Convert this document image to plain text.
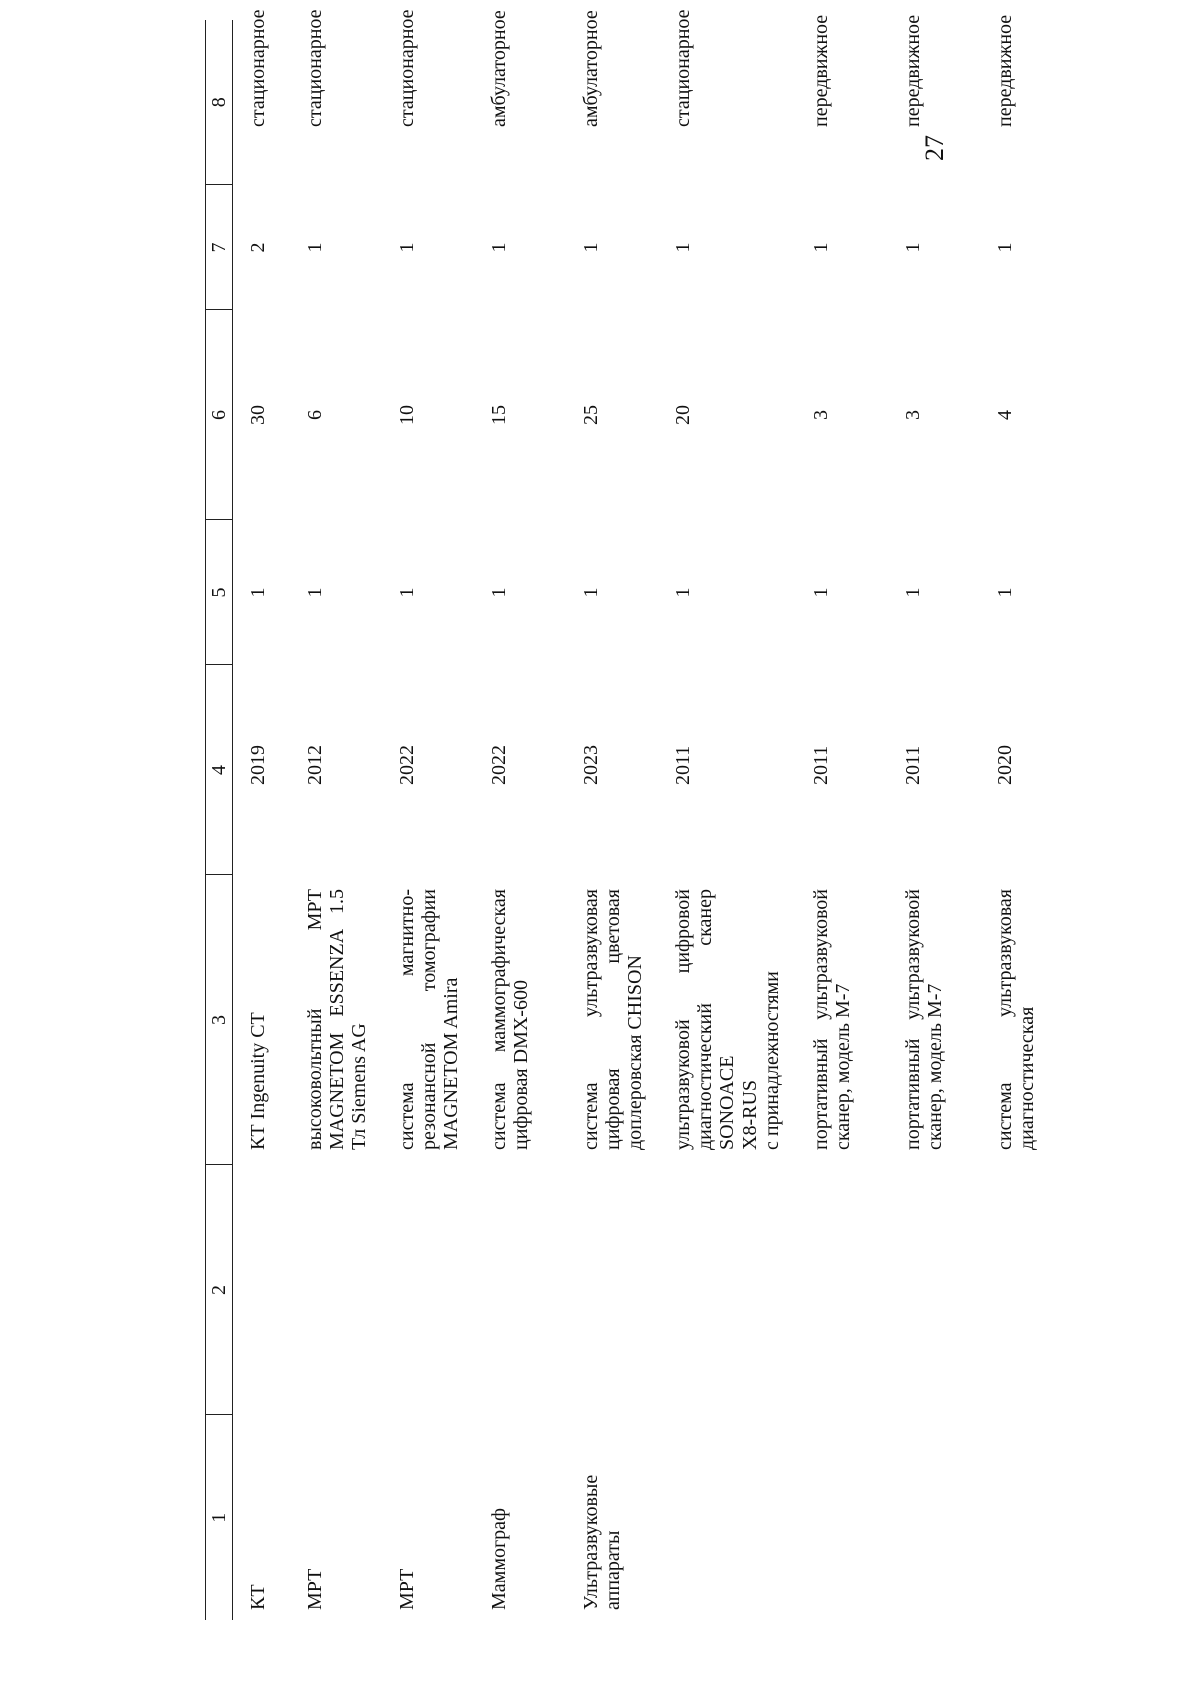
27
1	2	3	4	5	6	7	8
КТ		КТ Ingenuity CT	2019	1	30	2	стационарное
МРТ		высоковольтный МРТ MAGNETOM ESSENZA 1.5 Тл Siemens AG	2012	1	6	1	стационарное
МРТ		система магнитно-резонансной томографии MAGNETOM Amira	2022	1	10	1	стационарное
Маммограф		система маммографическая цифровая DMX-600	2022	1	15	1	амбулаторное
Ультразвуковые аппараты		система ультразвуковая цифровая цветовая доплеровская CHISON	2023	1	25	1	амбулаторное
		ультразвуковой цифровой диагностический сканер SONOACE
X8-RUS
с принадлежностями	2011	1	20	1	стационарное
		портативный ультразвуковой сканер, модель М-7	2011	1	3	1	передвижное
		портативный ультразвуковой сканер, модель М-7	2011	1	3	1	передвижное
		система ультразвуковая диагностическая	2020	1	4	1	передвижное
